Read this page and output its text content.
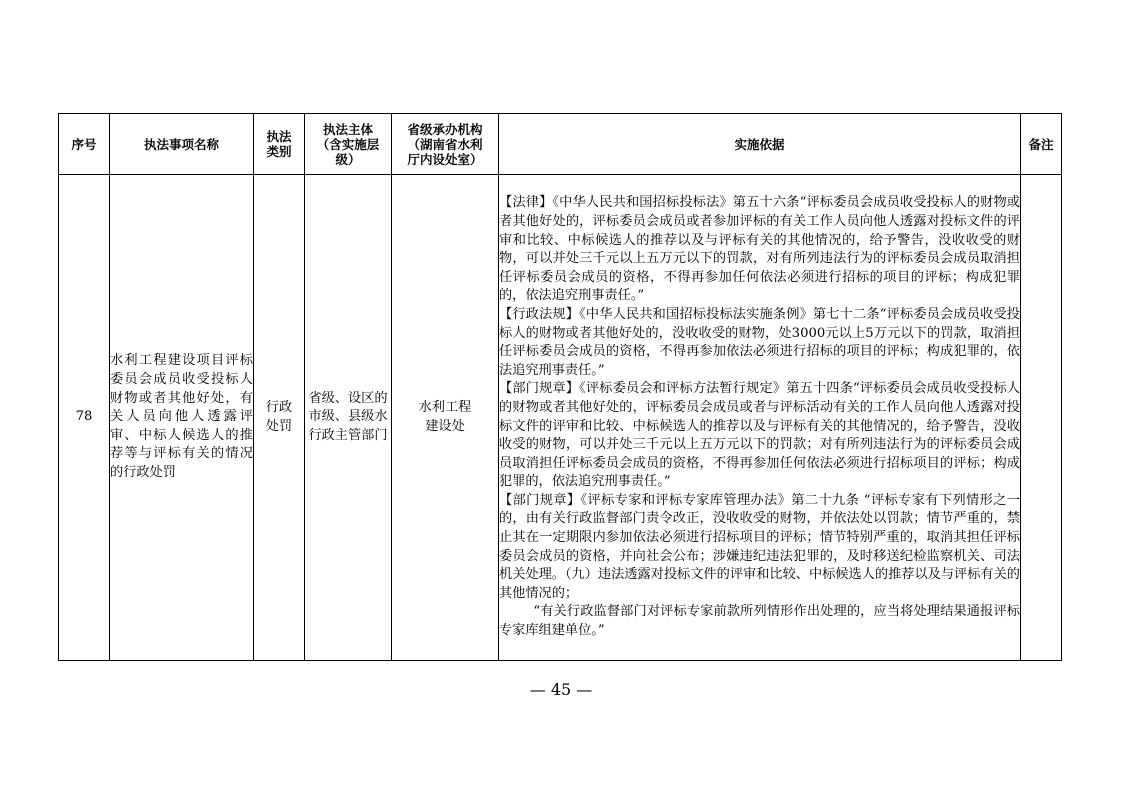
序号	执法事项名称	执法类别	执法主体（含实施层级）	省级承办机构（湖南省水利厅内设处室）	实施依据	备注
78	水利工程建设项目评标委员会成员收受投标人财物或者其他好处，有关人员向他人透露评审、中标人候选人的推荐等与评标有关的情况的行政处罚	行政处罚	省级、设区的市级、县级水行政主管部门	水利工程建设处	【法律】《中华人民共和国招标投标法》第五十六条“评标委员会成员收受投标人的财物或者其他好处的，评标委员会成员或者参加评标的有关工作人员向他人透露对投标文件的评审和比较、中标候选人的推荐以及与评标有关的其他情况的，给予警告，没收收受的财物，可以并处三千元以上五万元以下的罚款，对有所列违法行为的评标委员会成员取消担任评标委员会成员的资格，不得再参加任何依法必须进行招标的项目的评标；构成犯罪的，依法追究刑事责任。”

【行政法规】《中华人民共和国招标投标法实施条例》第七十二条“评标委员会成员收受投标人的财物或者其他好处的，没收收受的财物，处3000元以上5万元以下的罚款，取消担任评标委员会成员的资格，不得再参加依法必须进行招标的项目的评标；构成犯罪的，依法追究刑事责任。”

【部门规章】《评标委员会和评标方法暂行规定》第五十四条“评标委员会成员收受投标人的财物或者其他好处的，评标委员会成员或者与评标活动有关的工作人员向他人透露对投标文件的评审和比较、中标候选人的推荐以及与评标有关的其他情况的，给予警告，没收收受的财物，可以并处三千元以上五万元以下的罚款；对有所列违法行为的评标委员会成员取消担任评标委员会成员的资格，不得再参加任何依法必须进行招标项目的评标；构成犯罪的，依法追究刑事责任。”

【部门规章】《评标专家和评标专家库管理办法》第二十九条 “评标专家有下列情形之一的，由有关行政监督部门责令改正，没收收受的财物，并依法处以罚款；情节严重的，禁止其在一定期限内参加依法必须进行招标项目的评标；情节特别严重的，取消其担任评标委员会成员的资格，并向社会公布；涉嫌违纪违法犯罪的，及时移送纪检监察机关、司法机关处理。（九）违法透露对投标文件的评审和比较、中标候选人的推荐以及与评标有关的其他情况的；

“有关行政监督部门对评标专家前款所列情形作出处理的，应当将处理结果通报评标专家库组建单位。”	

— 45 —
